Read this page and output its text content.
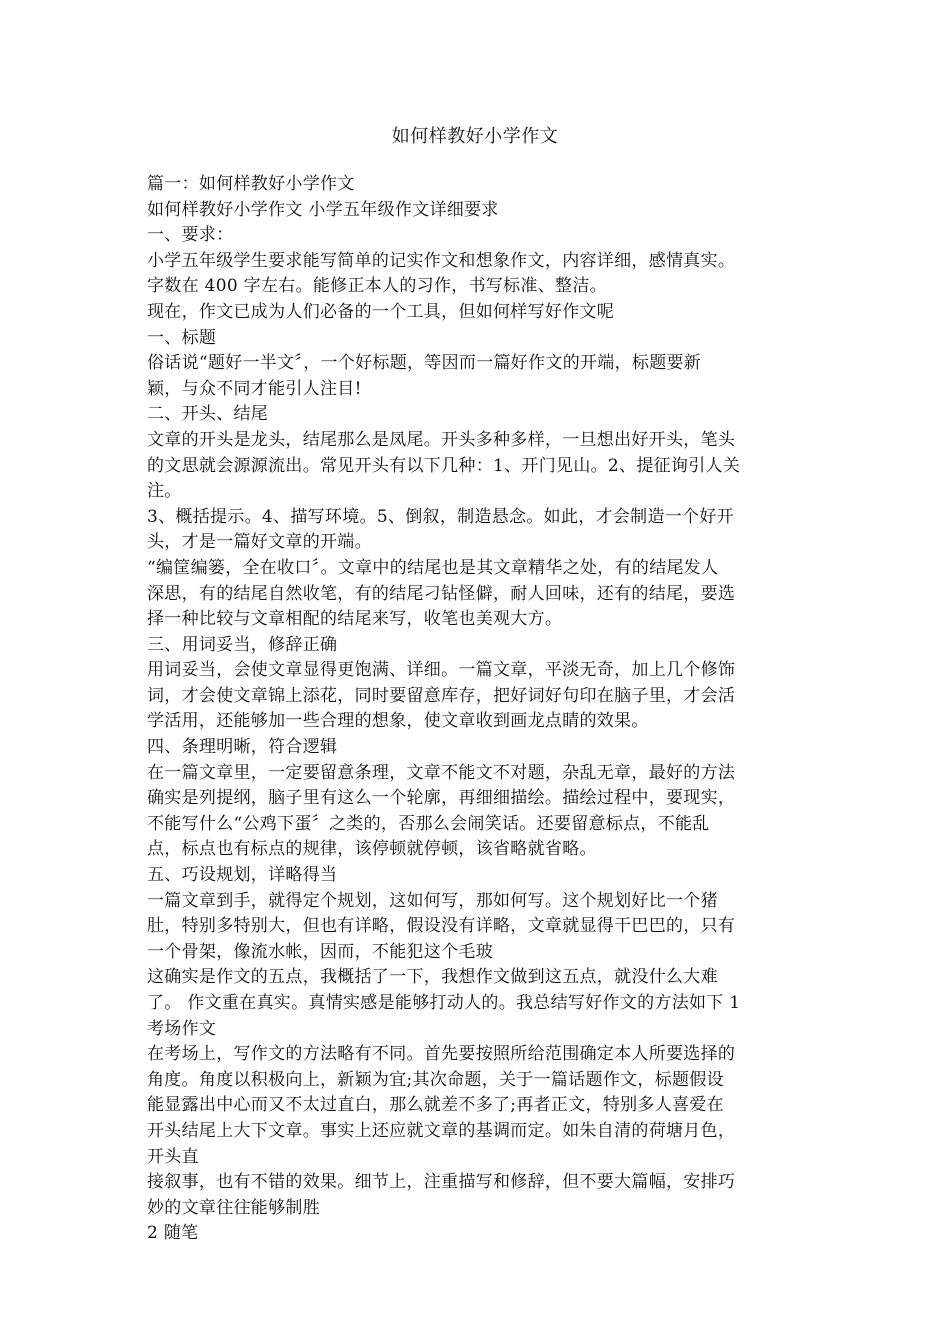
如何样教好小学作文
篇一：如何样教好小学作文
如何样教好小学作文 小学五年级作文详细要求
一、要求：
小学五年级学生要求能写简单的记实作文和想象作文，内容详细，感情真实。
字数在 400 字左右。能修正本人的习作，书写标准、整洁。
现在，作文已成为人们必备的一个工具，但如何样写好作文呢
一、标题
俗话说“题好一半文〞，一个好标题，等因而一篇好作文的开端，标题要新
颖，与众不同才能引人注目!
二、开头、结尾
文章的开头是龙头，结尾那么是凤尾。开头多种多样，一旦想出好开头，笔头
的文思就会源源流出。常见开头有以下几种：1、开门见山。2、提征询引人关
注。
3、概括提示。4、描写环境。5、倒叙，制造悬念。如此，才会制造一个好开
头，才是一篇好文章的开端。
“编筐编篓，全在收口〞。文章中的结尾也是其文章精华之处，有的结尾发人
深思，有的结尾自然收笔，有的结尾刁钻怪僻，耐人回味，还有的结尾，要选
择一种比较与文章相配的结尾来写，收笔也美观大方。
三、用词妥当，修辞正确
用词妥当，会使文章显得更饱满、详细。一篇文章，平淡无奇，加上几个修饰
词，才会使文章锦上添花，同时要留意库存，把好词好句印在脑子里，才会活
学活用，还能够加一些合理的想象，使文章收到画龙点睛的效果。
四、条理明晰，符合逻辑
在一篇文章里，一定要留意条理，文章不能文不对题，杂乱无章，最好的方法
确实是列提纲，脑子里有这么一个轮廓，再细细描绘。描绘过程中，要现实，
不能写什么“公鸡下蛋〞之类的，否那么会闹笑话。还要留意标点，不能乱
点，标点也有标点的规律，该停顿就停顿，该省略就省略。
五、巧设规划，详略得当
一篇文章到手，就得定个规划，这如何写，那如何写。这个规划好比一个猪
肚，特别多特别大，但也有详略，假设没有详略，文章就显得干巴巴的，只有
一个骨架，像流水帐，因而，不能犯这个毛玻
这确实是作文的五点，我概括了一下，我想作文做到这五点，就没什么大难
了。 作文重在真实。真情实感是能够打动人的。我总结写好作文的方法如下 1
考场作文
在考场上，写作文的方法略有不同。首先要按照所给范围确定本人所要选择的
角度。角度以积极向上，新颖为宜;其次命题，关于一篇话题作文，标题假设
能显露出中心而又不太过直白，那么就差不多了;再者正文，特别多人喜爱在
开头结尾上大下文章。事实上还应就文章的基调而定。如朱自清的荷塘月色，
开头直
接叙事，也有不错的效果。细节上，注重描写和修辞，但不要大篇幅，安排巧
妙的文章往往能够制胜
2 随笔
